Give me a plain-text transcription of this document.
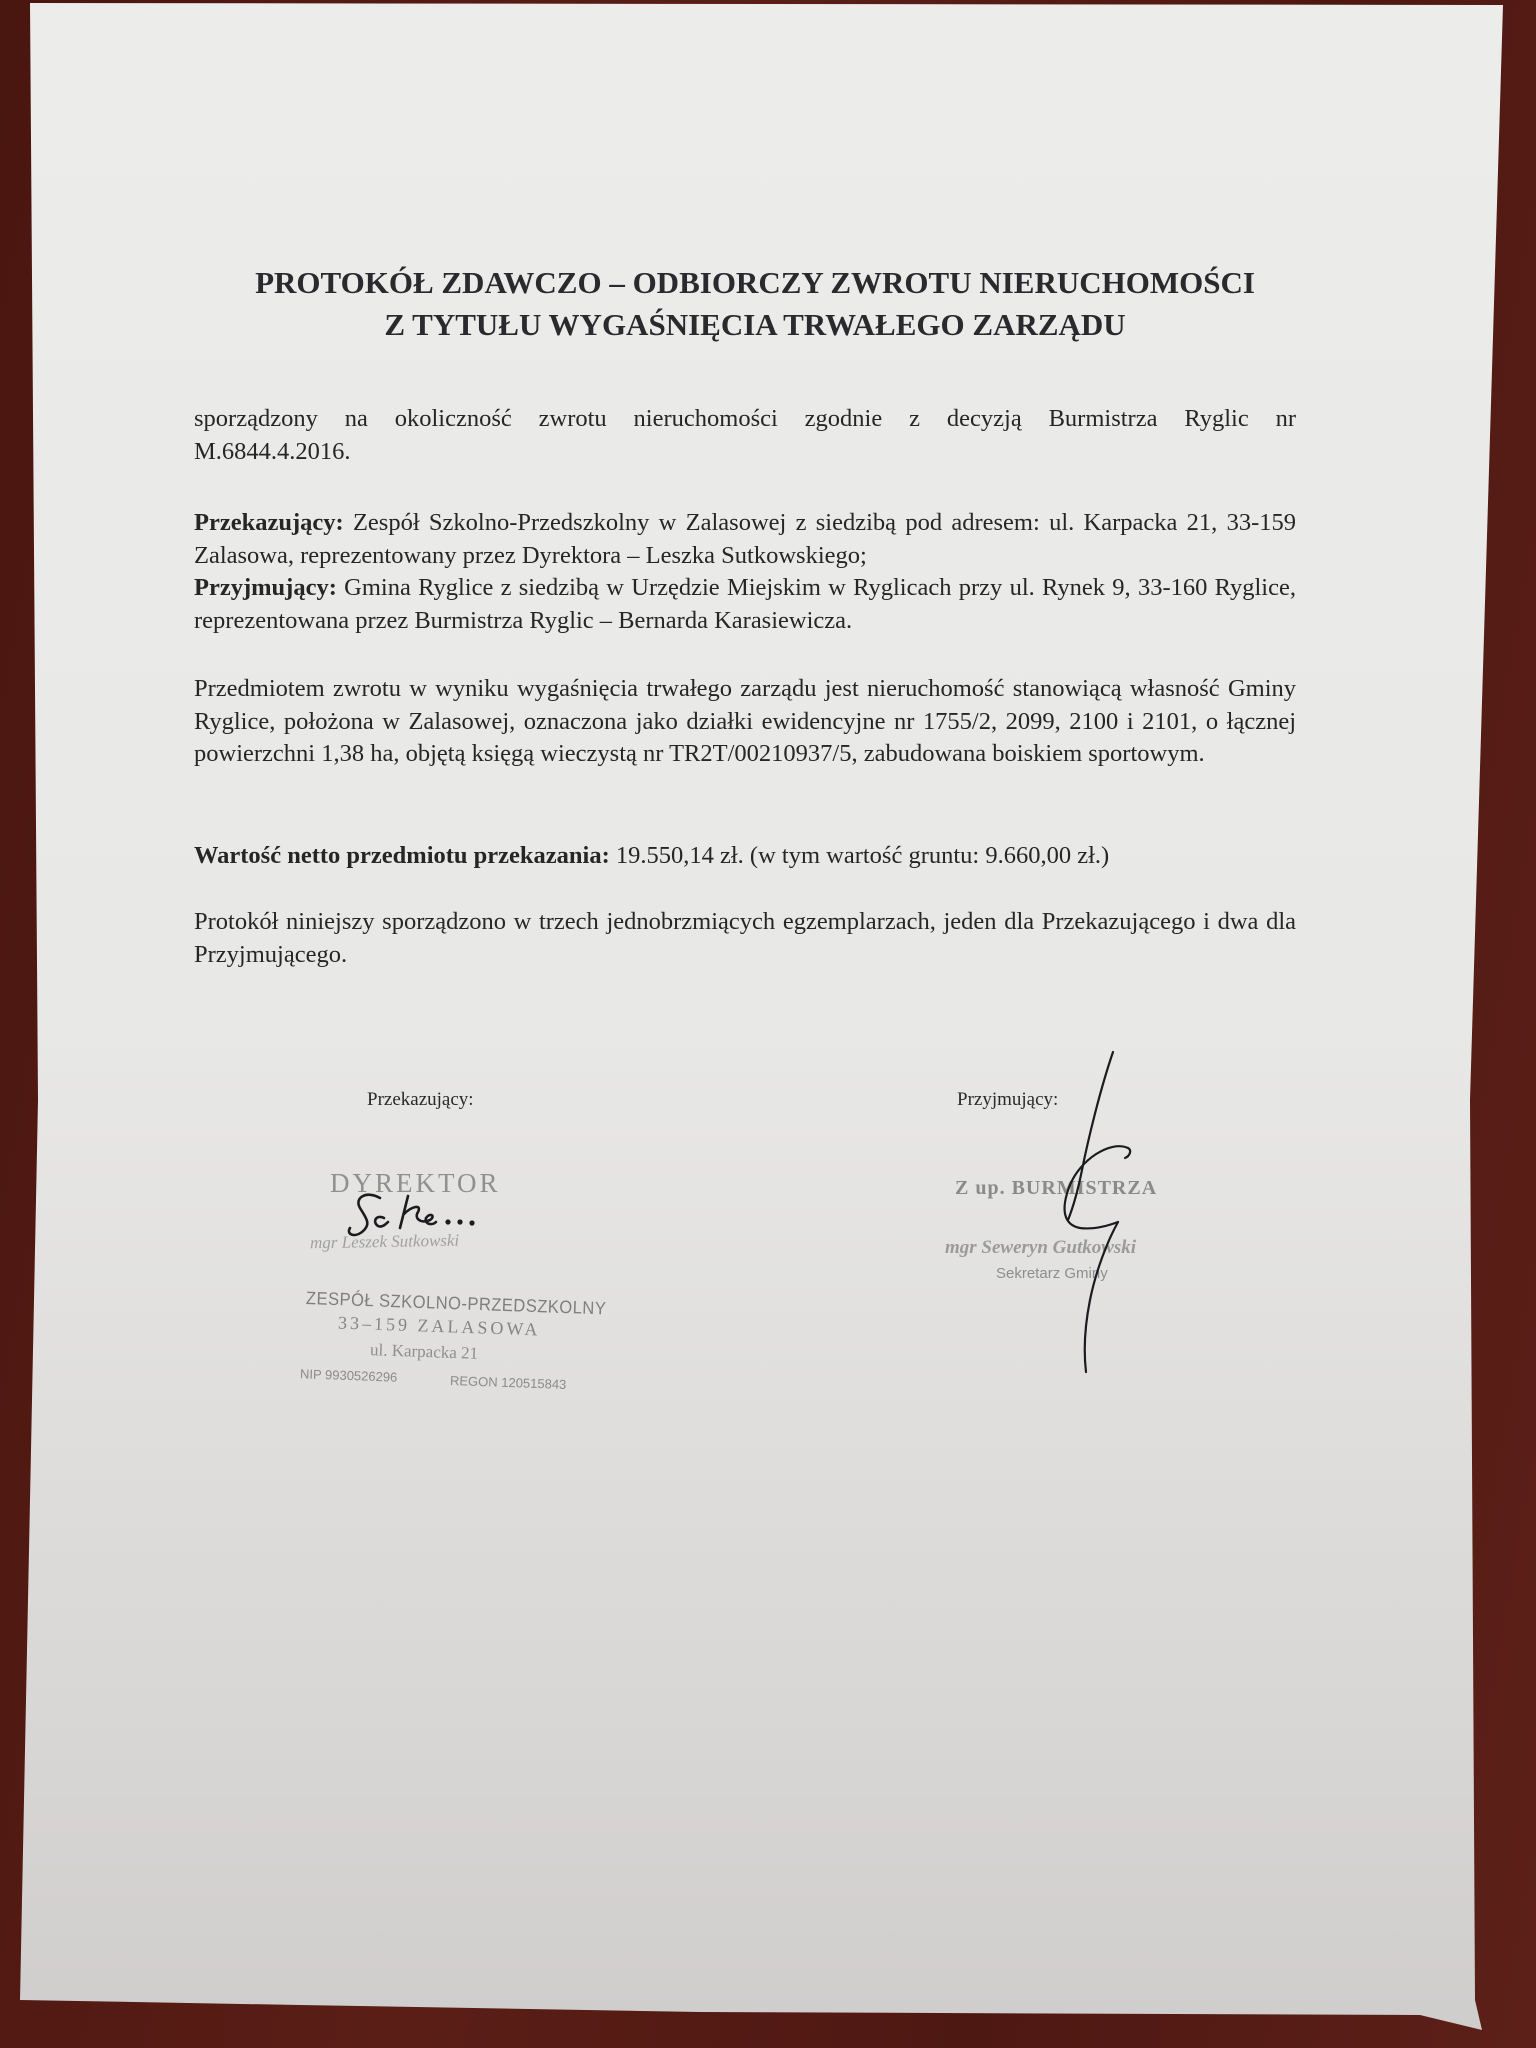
PROTOKÓŁ ZDAWCZO – ODBIORCZY ZWROTU NIERUCHOMOŚCI
Z TYTUŁU WYGAŚNIĘCIA TRWAŁEGO ZARZĄDU
sporządzony na okoliczność zwrotu nieruchomości zgodnie z decyzją Burmistrza Ryglic nr
M.6844.4.2016.
Przekazujący: Zespół Szkolno-Przedszkolny w Zalasowej z siedzibą pod adresem: ul. Karpacka 21, 33-159 Zalasowa, reprezentowany przez Dyrektora – Leszka Sutkowskiego;
Przyjmujący: Gmina Ryglice z siedzibą w Urzędzie Miejskim w Ryglicach przy ul. Rynek 9, 33-160 Ryglice, reprezentowana przez Burmistrza Ryglic – Bernarda Karasiewicza.
Przedmiotem zwrotu w wyniku wygaśnięcia trwałego zarządu jest nieruchomość stanowiącą własność Gminy Ryglice, położona w Zalasowej, oznaczona jako działki ewidencyjne nr 1755/2, 2099, 2100 i 2101, o łącznej powierzchni 1,38 ha, objętą księgą wieczystą nr TR2T/00210937/5, zabudowana boiskiem sportowym.
Wartość netto przedmiotu przekazania: 19.550,14 zł. (w tym wartość gruntu: 9.660,00 zł.)
Protokół niniejszy sporządzono w trzech jednobrzmiących egzemplarzach, jeden dla Przekazującego i dwa dla Przyjmującego.
Przekazujący:	Przyjmujący:
DYREKTOR
mgr Leszek Sutkowski
ZESPÓŁ SZKOLNO-PRZEDSZKOLNY
33–159 ZALASOWA
ul. Karpacka 21
NIP 9930526296	REGON 120515843
Z up. BURMISTRZA
mgr Seweryn Gutkowski
Sekretarz Gminy
